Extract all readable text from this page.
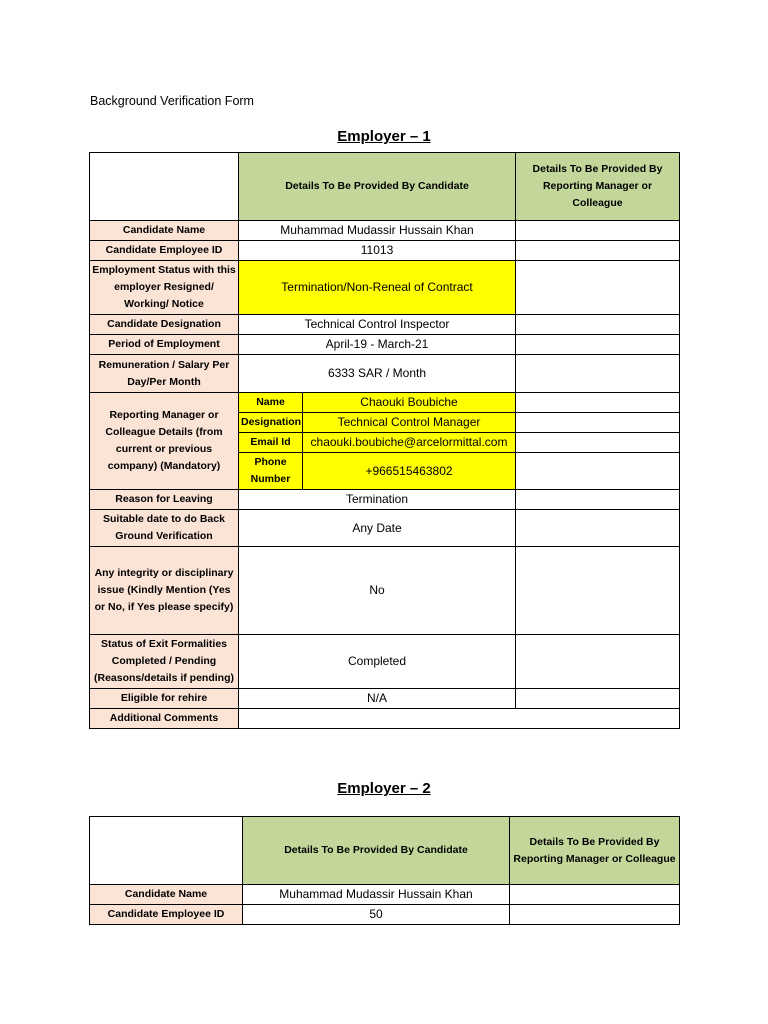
Background Verification Form
Employer – 1
	Details To Be Provided By Candidate		Details To Be Provided By Reporting Manager or Colleague
Candidate Name	Muhammad Mudassir Hussain Khan		
Candidate Employee ID	11013		
Employment Status with this employer Resigned/ Working/ Notice	Termination/Non-Reneal of Contract		
Candidate Designation	Technical Control Inspector		
Period of Employment	April-19 - March-21		
Remuneration / Salary Per Day/Per Month	6333 SAR / Month		
Reporting Manager or Colleague Details (from current or previous company) (Mandatory)	Name	Chaouki Boubiche	
	Designation	Technical Control Manager	
	Email Id	chaouki.boubiche@arcelormittal.com	
	Phone Number	+966515463802	
Reason for Leaving	Termination		
Suitable date to do Back Ground Verification	Any Date		
Any integrity or disciplinary issue (Kindly Mention (Yes or No, if Yes please specify)	No		
Status of Exit Formalities Completed / Pending (Reasons/details if pending)	Completed		
Eligible for rehire	N/A		
Additional Comments			
Employer – 2
	Details To Be Provided By Candidate	Details To Be Provided By Reporting Manager or Colleague
Candidate Name	Muhammad Mudassir Hussain Khan	
Candidate Employee ID	50	
